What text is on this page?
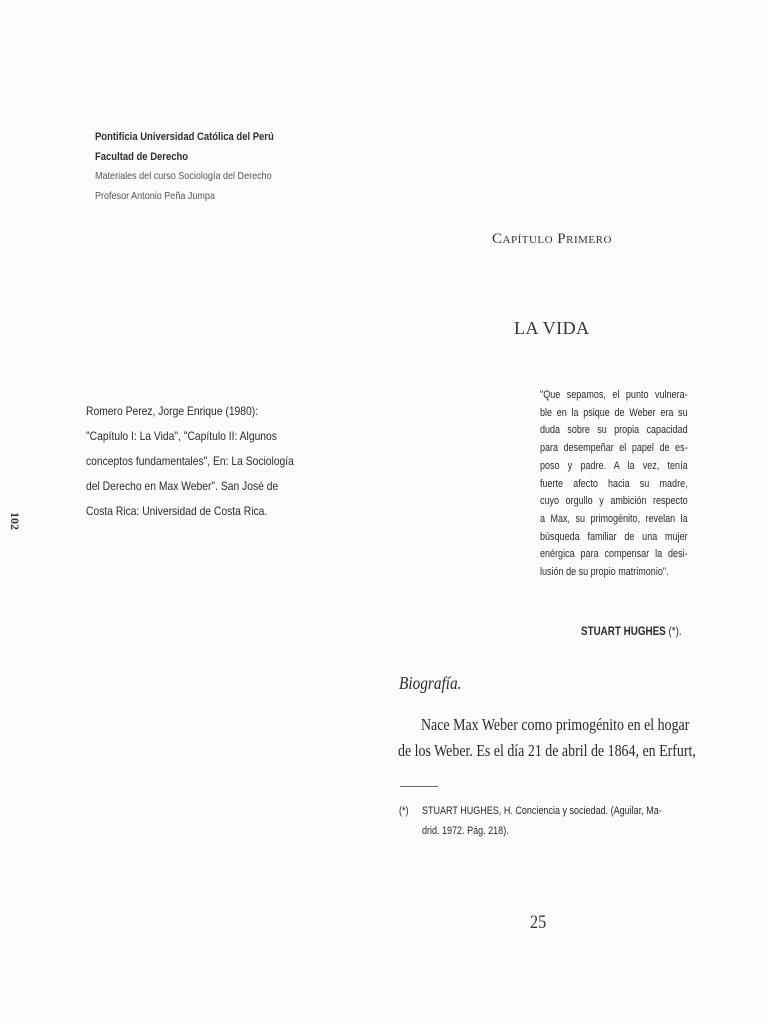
Pontificia Universidad Católica del Perú
Facultad de Derecho
Materiales del curso Sociología del Derecho
Profesor Antonio Peña Jumpa
Capítulo Primero
LA VIDA
Romero Perez, Jorge Enrique (1980): "Capítulo I: La Vida", "Capítulo II: Algunos conceptos fundamentales", En: La Sociología del Derecho en Max Weber". San José de Costa Rica: Universidad de Costa Rica.
102
"Que sepamos, el punto vulnera-
ble en la psique de Weber era su
duda sobre su propia capacidad
para desempeñar el papel de es-
poso y padre. A la vez, tenía
fuerte afecto hacia su madre,
cuyo orgullo y ambición respecto
a Max, su primogénito, revelan la
búsqueda familiar de una mujer
enérgica para compensar la desi-
lusión de su propio matrimonio".
STUART HUGHES (*).
Biografía.
Nace Max Weber como primogénito en el hogar
de los Weber. Es el día 21 de abril de 1864, en Erfurt,
(*) STUART HUGHES, H. Conciencia y sociedad. (Aguilar, Ma-
drid. 1972. Pág. 218).
25
